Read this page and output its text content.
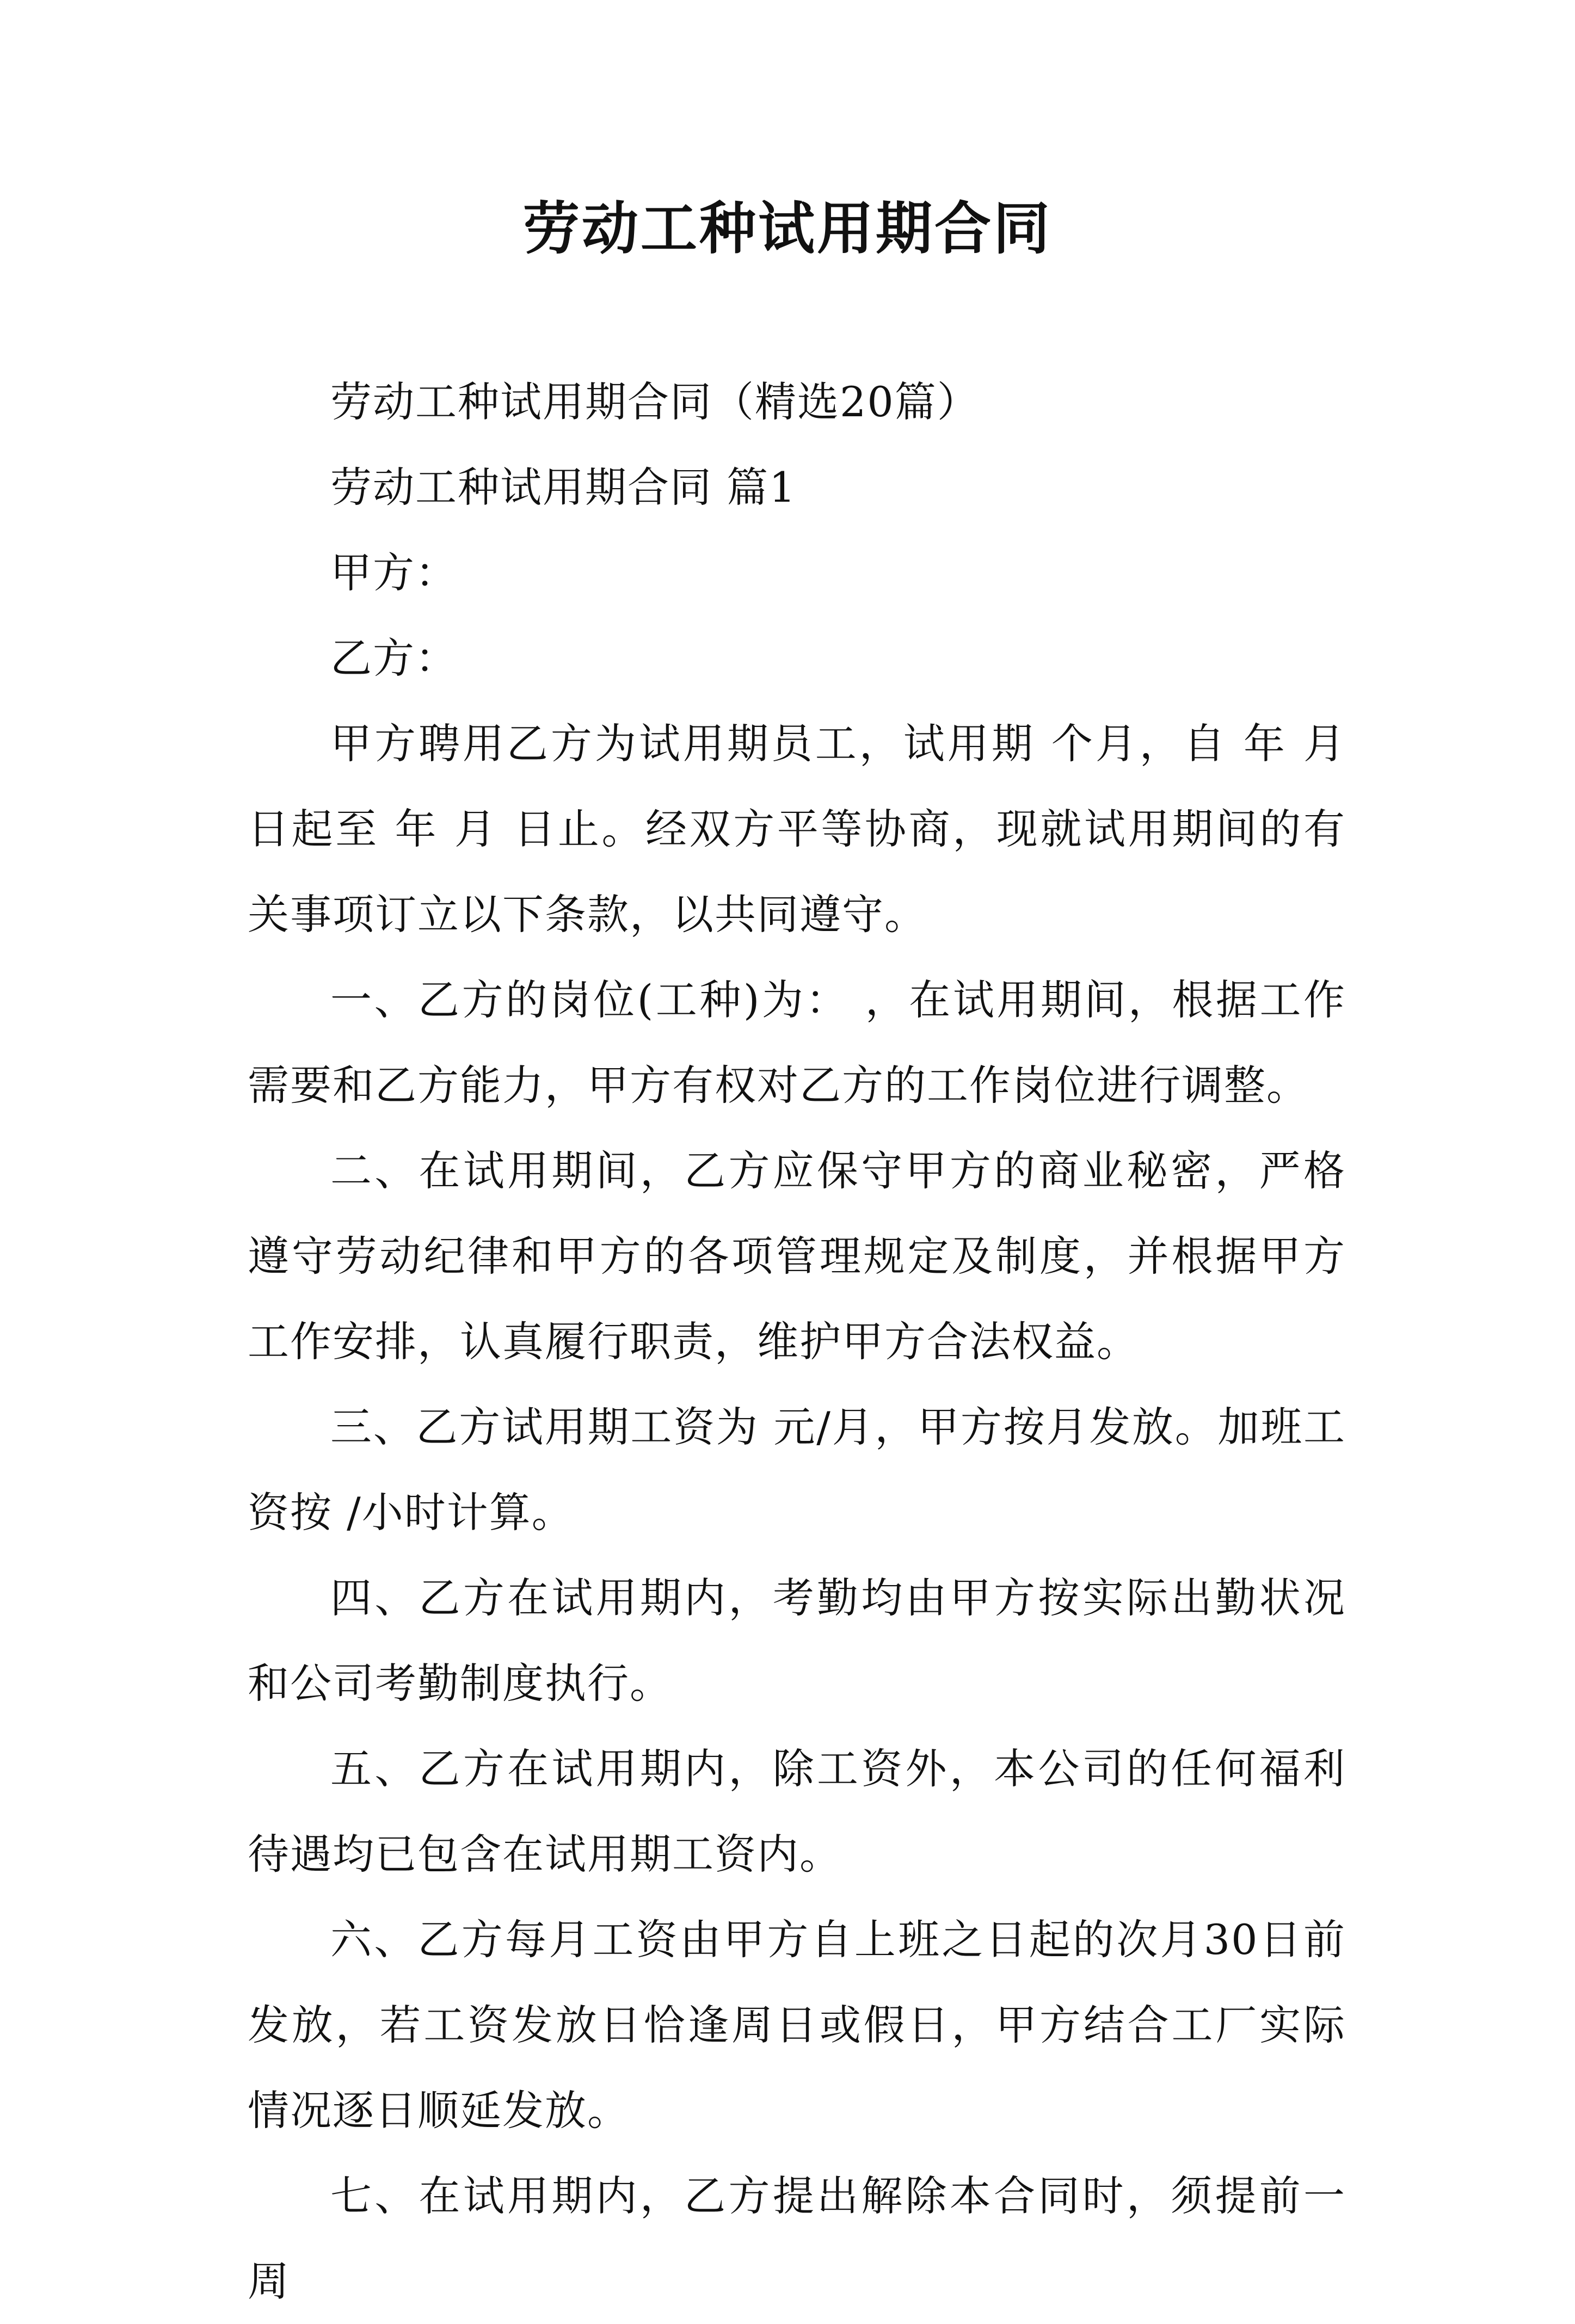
劳动工种试用期合同

劳动工种试用期合同（精选20篇）

劳动工种试用期合同 篇1

甲方：

乙方：

甲方聘用乙方为试用期员工，试用期 个月，自 年 月 日起至 年 月 日止。经双方平等协商，现就试用期间的有关事项订立以下条款，以共同遵守。

一、乙方的岗位(工种)为： ，在试用期间，根据工作需要和乙方能力，甲方有权对乙方的工作岗位进行调整。

二、在试用期间，乙方应保守甲方的商业秘密，严格遵守劳动纪律和甲方的各项管理规定及制度，并根据甲方工作安排，认真履行职责，维护甲方合法权益。

三、乙方试用期工资为 元/月，甲方按月发放。加班工资按 /小时计算。

四、乙方在试用期内，考勤均由甲方按实际出勤状况和公司考勤制度执行。

五、乙方在试用期内，除工资外，本公司的任何福利待遇均已包含在试用期工资内。

六、乙方每月工资由甲方自上班之日起的次月30日前发放，若工资发放日恰逢周日或假日，甲方结合工厂实际情况逐日顺延发放。

七、在试用期内，乙方提出解除本合同时，须提前一周
